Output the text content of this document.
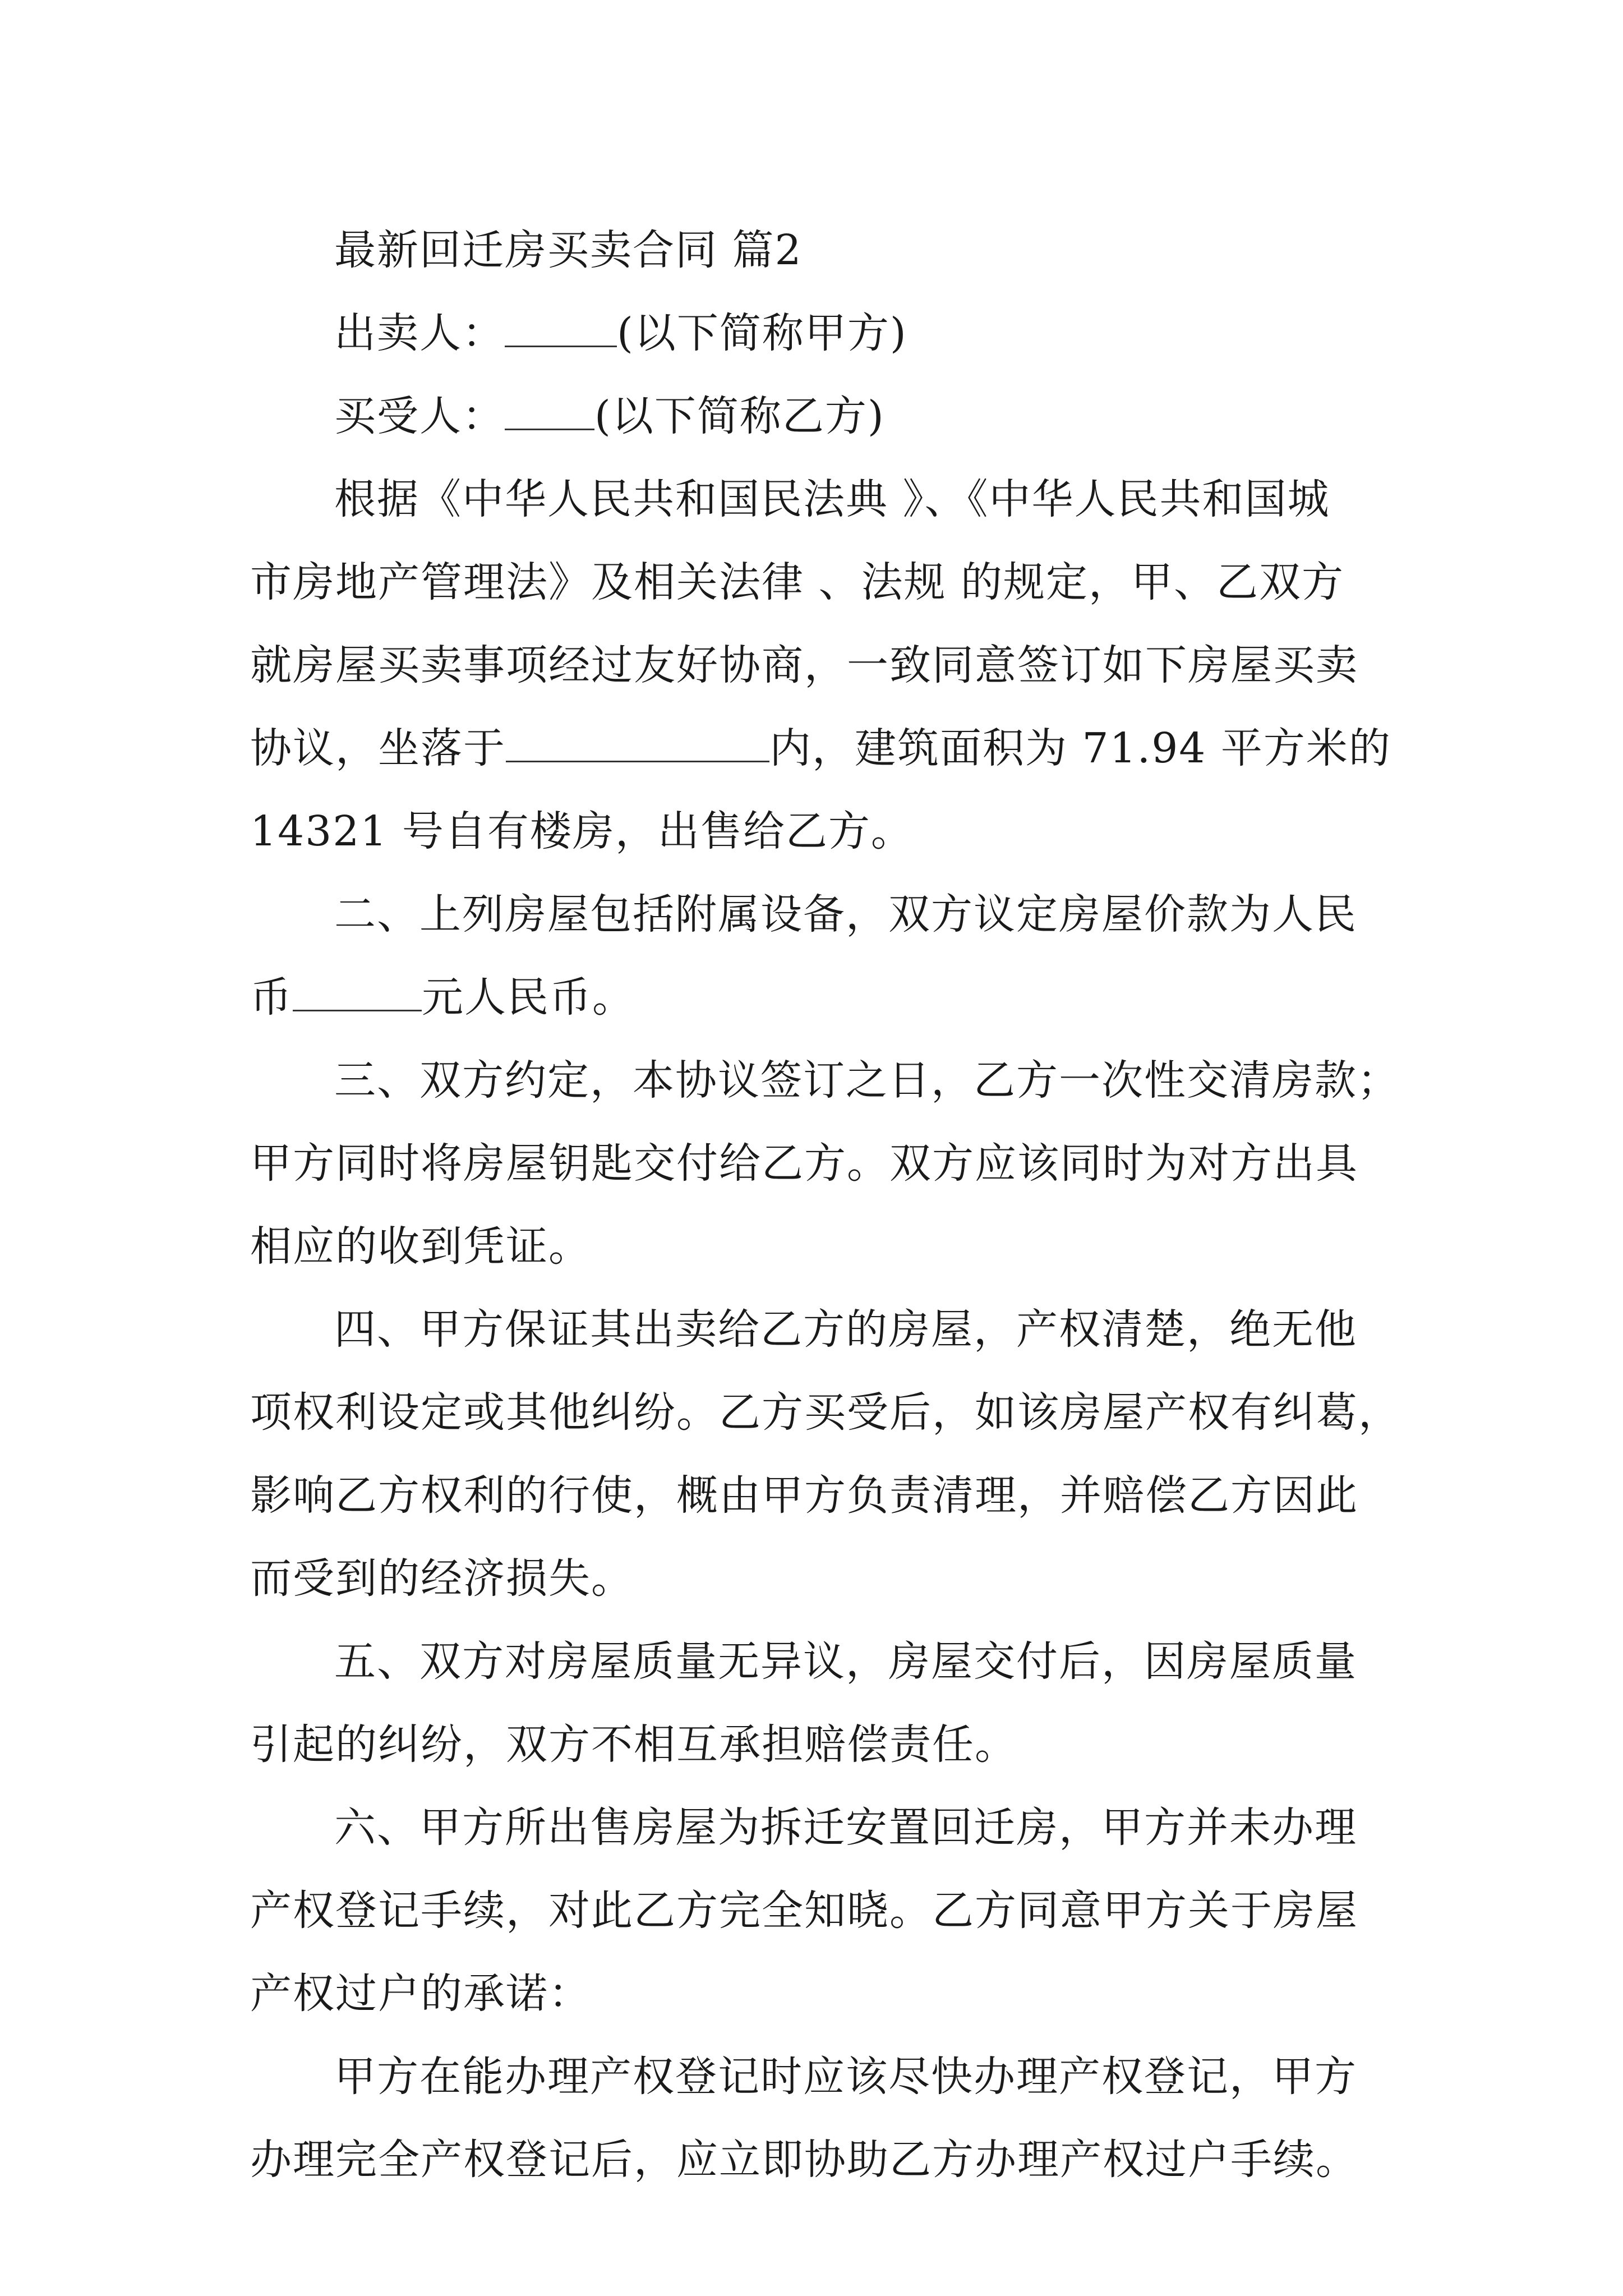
最新回迁房买卖合同 篇2
出卖人：	(以下简称甲方)
买受人： (以下简称乙方)
根据《中华人民共和国民法典 》、《中华人民共和国城
市房地产管理法》及相关法律 、法规 的规定，甲、乙双方
就房屋买卖事项经过友好协商，一致同意签订如下房屋买卖
协议，坐落于	内，建筑面积为 71.94 平方米的
14321 号自有楼房，出售给乙方。
二、上列房屋包括附属设备，双方议定房屋价款为人民
币	元人民币。
三、双方约定，本协议签订之日，乙方一次性交清房款；
甲方同时将房屋钥匙交付给乙方。双方应该同时为对方出具
相应的收到凭证。
四、甲方保证其出卖给乙方的房屋，产权清楚，绝无他
项权利设定或其他纠纷。乙方买受后，如该房屋产权有纠葛，
影响乙方权利的行使，概由甲方负责清理，并赔偿乙方因此
而受到的经济损失。
五、双方对房屋质量无异议，房屋交付后，因房屋质量
引起的纠纷，双方不相互承担赔偿责任。
六、甲方所出售房屋为拆迁安置回迁房，甲方并未办理
产权登记手续，对此乙方完全知晓。乙方同意甲方关于房屋
产权过户的承诺：
甲方在能办理产权登记时应该尽快办理产权登记，甲方
办理完全产权登记后，应立即协助乙方办理产权过户手续。
